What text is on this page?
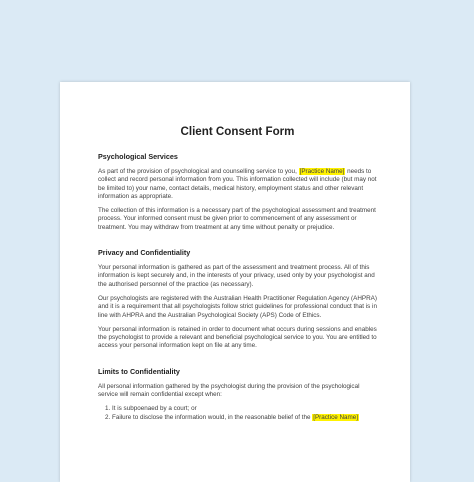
Client Consent Form
Psychological Services

As part of the provision of psychological and counselling service to you, [Practice Name] needs to collect and record personal information from you. This information collected will include (but may not be limited to) your name, contact details, medical history, employment status and other relevant information as appropriate.

The collection of this information is a necessary part of the psychological assessment and treatment process. Your informed consent must be given prior to commencement of any assessment or treatment. You may withdraw from treatment at any time without penalty or prejudice.

Privacy and Confidentiality

Your personal information is gathered as part of the assessment and treatment process. All of this information is kept securely and, in the interests of your privacy, used only by your psychologist and the authorised personnel of the practice (as necessary).

Our psychologists are registered with the Australian Health Practitioner Regulation Agency (AHPRA) and it is a requirement that all psychologists follow strict guidelines for professional conduct that is in line with AHPRA and the Australian Psychological Society (APS) Code of Ethics.

Your personal information is retained in order to document what occurs during sessions and enables the psychologist to provide a relevant and beneficial psychological service to you. You are entitled to access your personal information kept on file at any time.

Limits to Confidentiality

All personal information gathered by the psychologist during the provision of the psychological service will remain confidential except when:

1. It is subpoenaed by a court; or
2. Failure to disclose the information would, in the reasonable belief of the [Practice Name]
